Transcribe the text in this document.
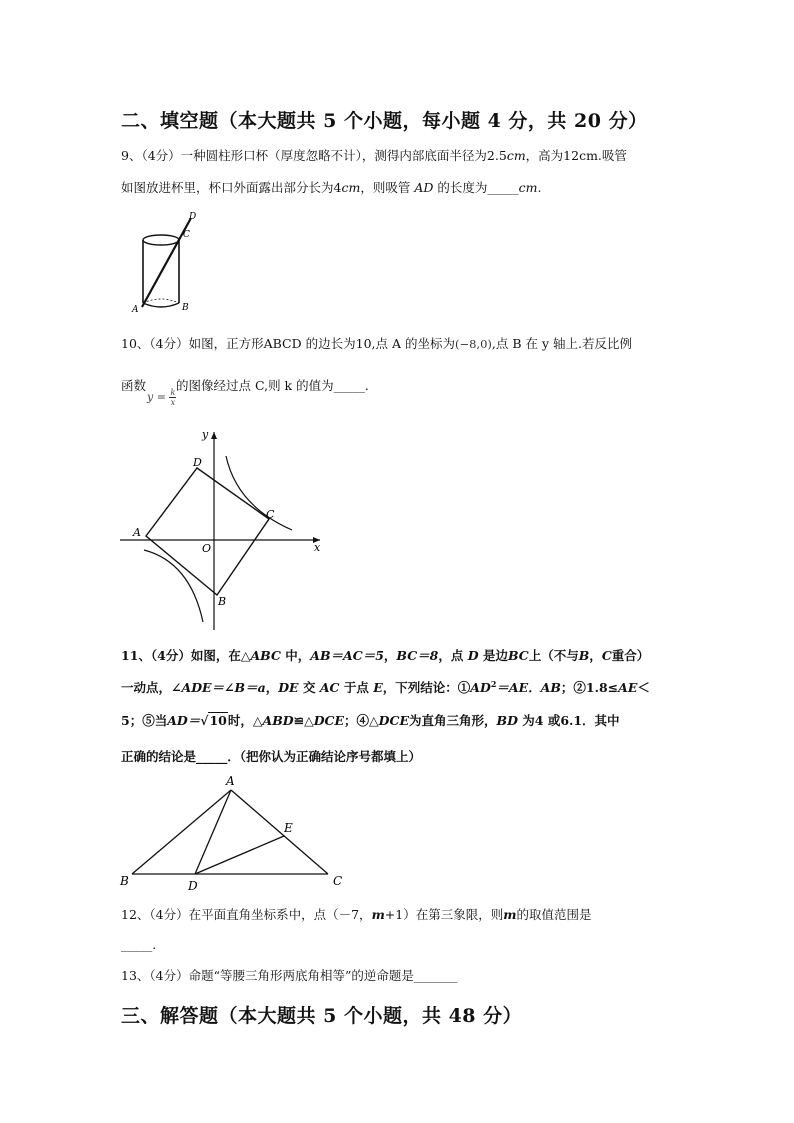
二、填空题（本大题共 5 个小题，每小题 4 分，共 20 分）
9、（4分）一种圆柱形口杯（厚度忽略不计），测得内部底面半径为2.5cm，高为12cm.吸管
如图放进杯里，杯口外面露出部分长为4cm，则吸管 AD 的长度为_____cm.
D
C
A	B
10、（4分）如图，正方形ABCD 的边长为10,点 A 的坐标为(−8,0),点 B 在 y 轴上.若反比例
函数 的图像经过点 C,则 k 的值为_____.
$y = \frac{k}{x}$
y
x
O
A
B
C
D
11、（4分）如图，在△ABC 中，AB＝AC＝5，BC＝8，点 D 是边BC上（不与B，C重合）
一动点，∠ADE＝∠B＝a，DE 交 AC 于点 E，下列结论：$①AD^2=AE$．AB；②1.8≤AE＜
5；⑤当AD＝√10时，△ABD≌△DCE；④△DCE为直角三角形，BD 为4 或6.1．其中
正确的结论是_____．（把你认为正确结论序号都填上）
A
B	C
D
E
12、（4分）在平面直角坐标系中，点（－7，m+1）在第三象限，则m的取值范围是
_____.
13、（4分）命题“等腰三角形两底角相等”的逆命题是_______
三、解答题（本大题共 5 个小题，共 48 分）
